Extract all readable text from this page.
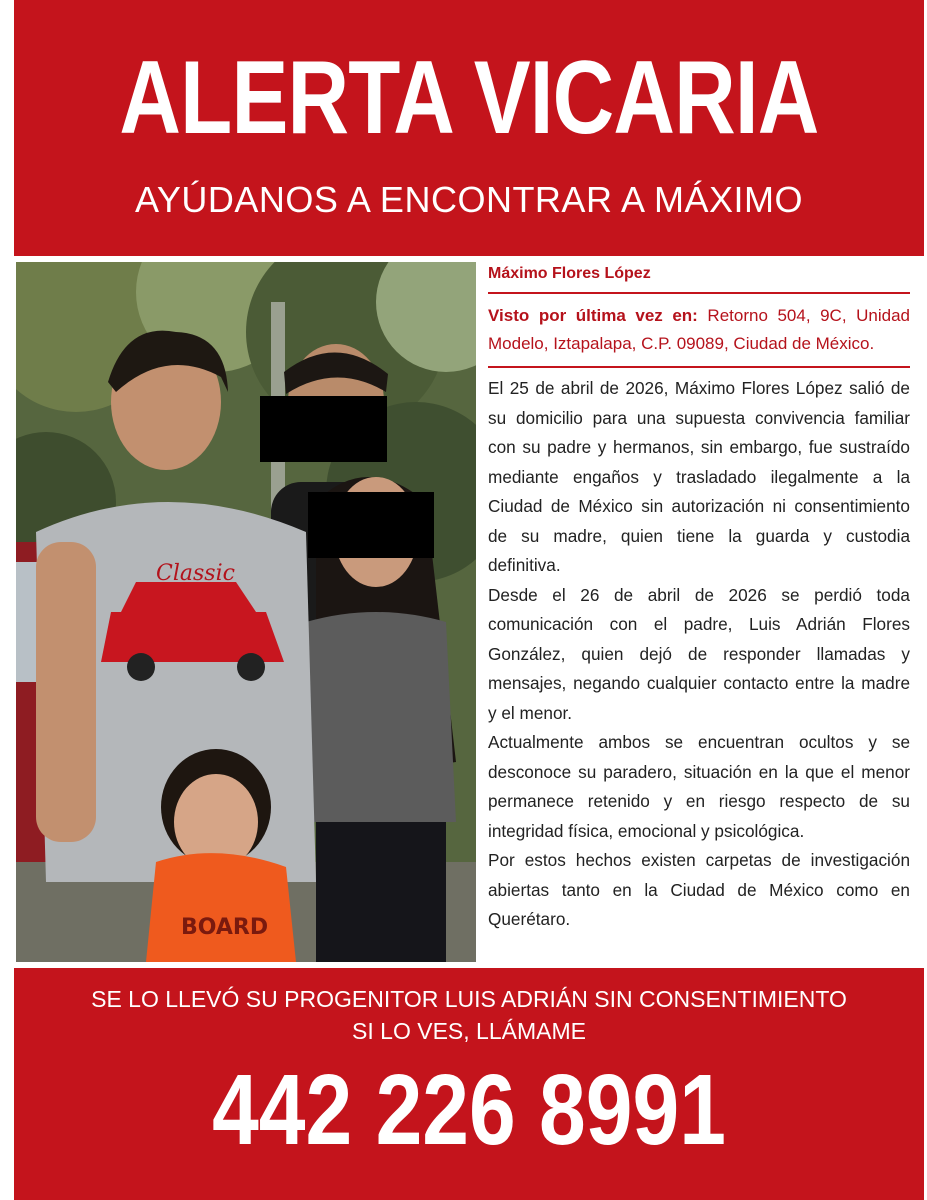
ALERTA VICARIA
AYÚDANOS A ENCONTRAR A MÁXIMO
Classic
BOARD
Máximo Flores López
Visto por última vez en: Retorno 504, 9C, Unidad Modelo, Iztapalapa, C.P. 09089, Ciudad de México.

El 25 de abril de 2026, Máximo Flores López salió de su domicilio para una supuesta convivencia familiar con su padre y hermanos, sin embargo, fue sustraído mediante engaños y trasladado ilegalmente a la Ciudad de México sin autorización ni consentimiento de su madre, quien tiene la guarda y custodia definitiva.

Desde el 26 de abril de 2026 se perdió toda comunicación con el padre, Luis Adrián Flores González, quien dejó de responder llamadas y mensajes, negando cualquier contacto entre la madre y el menor.

Actualmente ambos se encuentran ocultos y se desconoce su paradero, situación en la que el menor permanece retenido y en riesgo respecto de su integridad física, emocional y psicológica.

Por estos hechos existen carpetas de investigación abiertas tanto en la Ciudad de México como en Querétaro.

SE LO LLEVÓ SU PROGENITOR LUIS ADRIÁN SIN CONSENTIMIENTO
SI LO VES, LLÁMAME
442 226 8991
